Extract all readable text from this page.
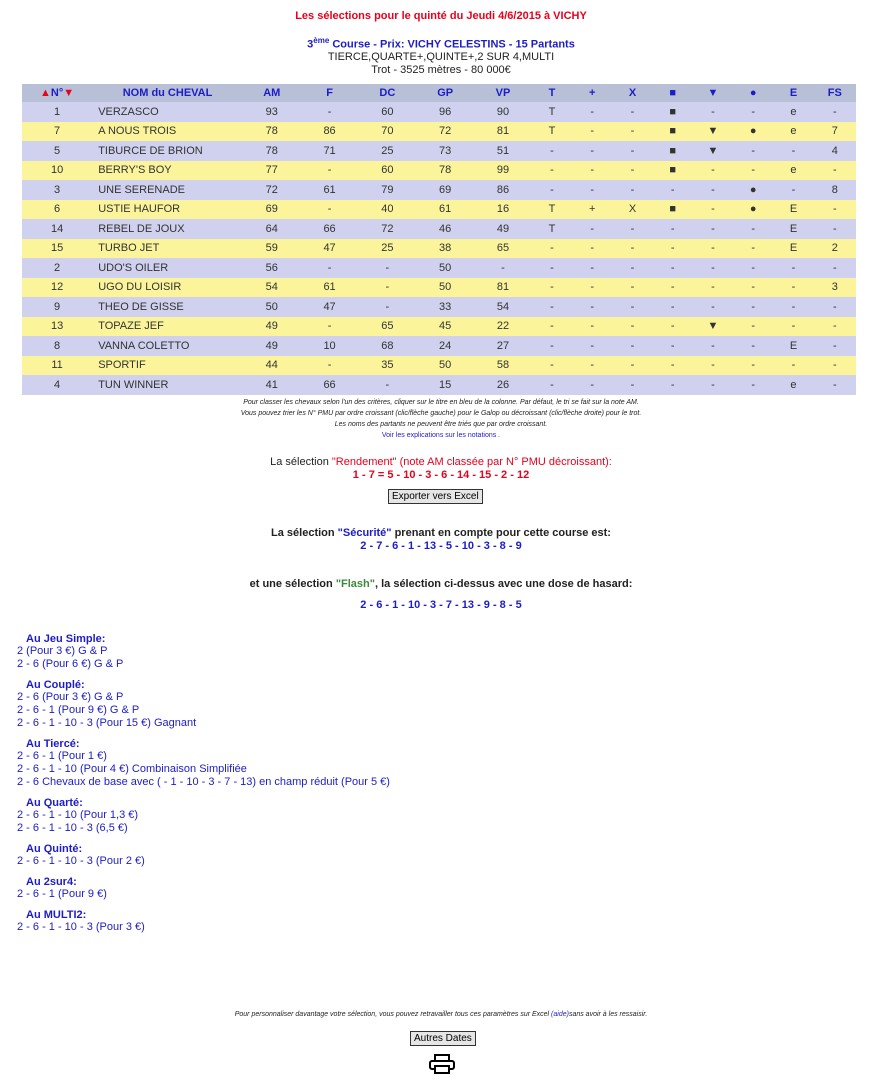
Les sélections pour le quinté du Jeudi 4/6/2015 à VICHY
3ème Course - Prix: VICHY CELESTINS - 15 Partants
TIERCE,QUARTE+,QUINTE+,2 SUR 4,MULTI
Trot - 3525 mètres - 80 000€
▲N°▼	NOM du CHEVAL	AM	F	DC	GP	VP	T	+	X	■	▼	●	E	FS
1	VERZASCO	93	-	60	96	90	T	-	-	■	-	-	e	-
7	A NOUS TROIS	78	86	70	72	81	T	-	-	■	▼	●	e	7
5	TIBURCE DE BRION	78	71	25	73	51	-	-	-	■	▼	-	-	4
10	BERRY'S BOY	77	-	60	78	99	-	-	-	■	-	-	e	-
3	UNE SERENADE	72	61	79	69	86	-	-	-	-	-	●	-	8
6	USTIE HAUFOR	69	-	40	61	16	T	+	X	■	-	●	E	-
14	REBEL DE JOUX	64	66	72	46	49	T	-	-	-	-	-	E	-
15	TURBO JET	59	47	25	38	65	-	-	-	-	-	-	E	2
2	UDO'S OILER	56	-	-	50	-	-	-	-	-	-	-	-	-
12	UGO DU LOISIR	54	61	-	50	81	-	-	-	-	-	-	-	3
9	THEO DE GISSE	50	47	-	33	54	-	-	-	-	-	-	-	-
13	TOPAZE JEF	49	-	65	45	22	-	-	-	-	▼	-	-	-
8	VANNA COLETTO	49	10	68	24	27	-	-	-	-	-	-	E	-
11	SPORTIF	44	-	35	50	58	-	-	-	-	-	-	-	-
4	TUN WINNER	41	66	-	15	26	-	-	-	-	-	-	e	-
Pour classer les chevaux selon l'un des critères, cliquer sur le titre en bleu de la colonne. Par défaut, le tri se fait sur la note AM.
Vous pouvez trier les N° PMU par ordre croissant (clic/flèche gauche) pour le Galop ou décroissant (clic/flèche droite) pour le trot.
Les noms des partants ne peuvent être triés que par ordre croissant.
Voir les explications sur les notations .
La sélection "Rendement" (note AM classée par N° PMU décroissant):
1 - 7 = 5 - 10 - 3 - 6 - 14 - 15 - 2 - 12
Exporter vers Excel
La sélection "Sécurité" prenant en compte pour cette course est:
2 - 7 - 6 - 1 - 13 - 5 - 10 - 3 - 8 - 9
et une sélection "Flash", la sélection ci-dessus avec une dose de hasard:
2 - 6 - 1 - 10 - 3 - 7 - 13 - 9 - 8 - 5
Au Jeu Simple:
2 (Pour 3 €) G & P
2 - 6 (Pour 6 €) G & P
Au Couplé:
2 - 6 (Pour 3 €) G & P
2 - 6 - 1 (Pour 9 €) G & P
2 - 6 - 1 - 10 - 3 (Pour 15 €) Gagnant
Au Tiercé:
2 - 6 - 1 (Pour 1 €)
2 - 6 - 1 - 10 (Pour 4 €) Combinaison Simplifiée
2 - 6 Chevaux de base avec ( - 1 - 10 - 3 - 7 - 13) en champ réduit (Pour 5 €)
Au Quarté:
2 - 6 - 1 - 10 (Pour 1,3 €)
2 - 6 - 1 - 10 - 3 (6,5 €)
Au Quinté:
2 - 6 - 1 - 10 - 3 (Pour 2 €)
Au 2sur4:
2 - 6 - 1 (Pour 9 €)
Au MULTI2:
2 - 6 - 1 - 10 - 3 (Pour 3 €)
Pour personnaliser davantage votre sélection, vous pouvez retravailler tous ces paramètres sur Excel (aide)sans avoir à les ressaisir.
Autres Dates
